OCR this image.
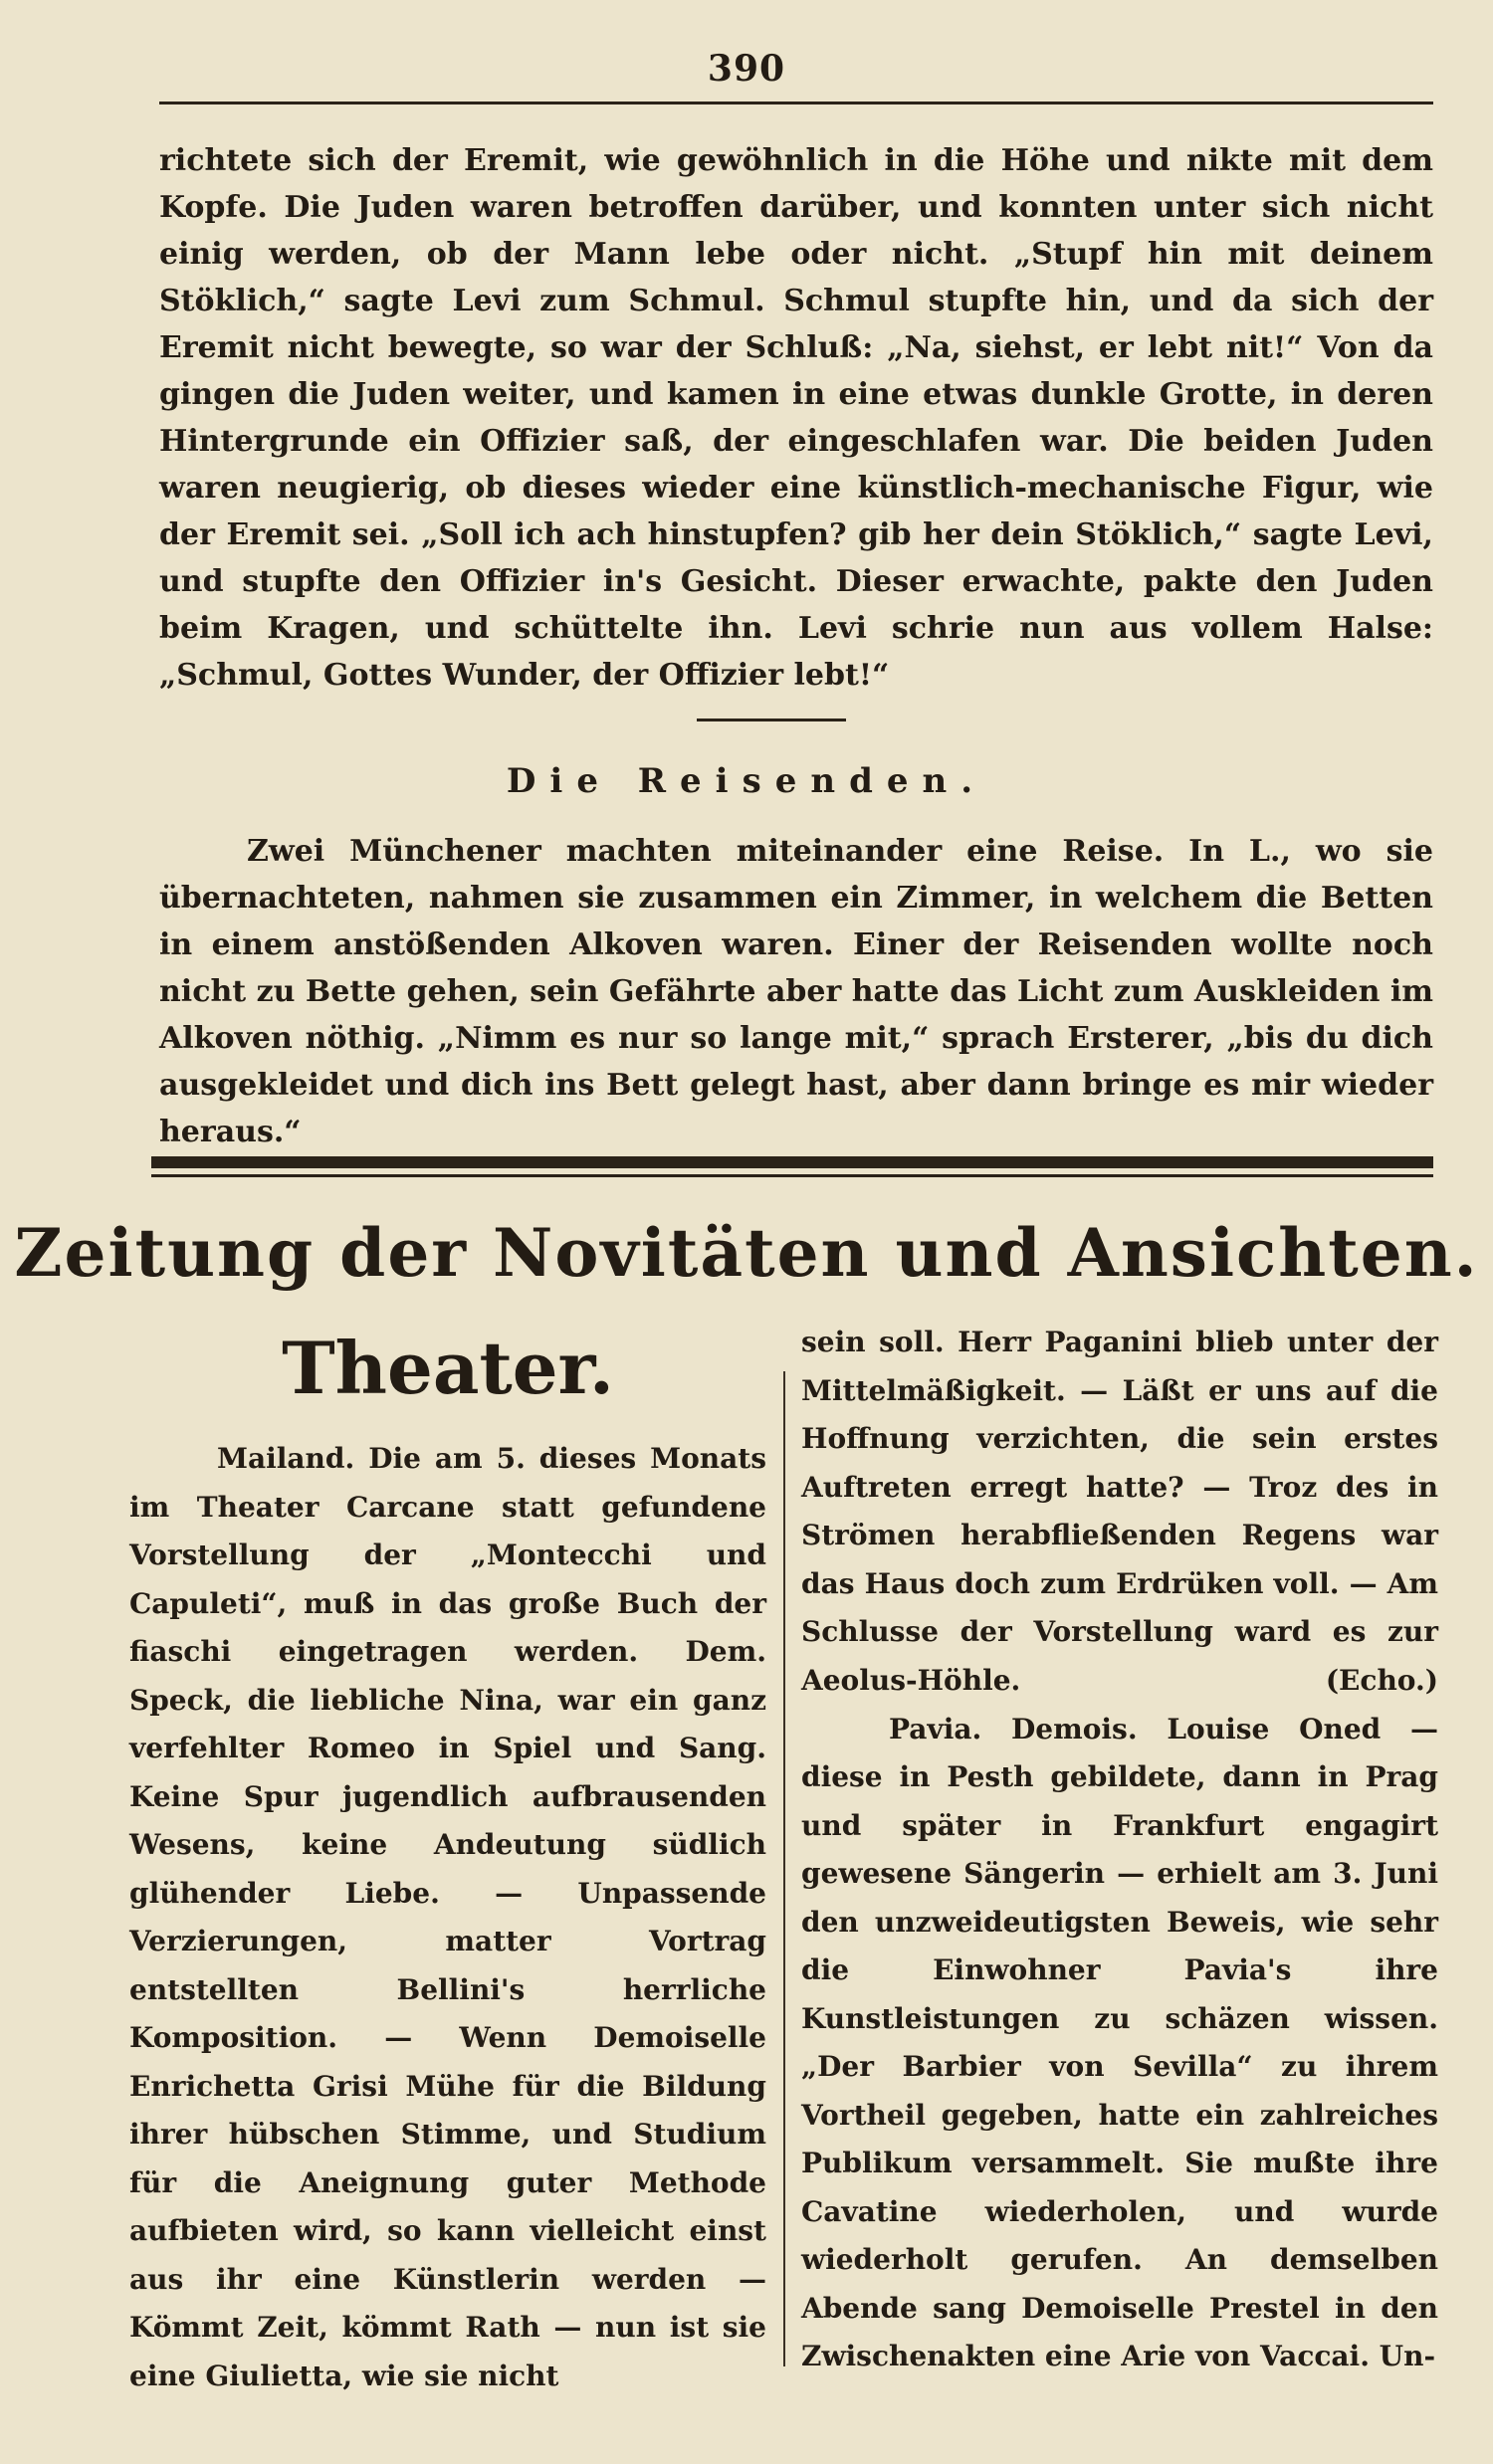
390

richtete sich der Eremit, wie gewöhnlich in die Höhe und nikte mit dem Kopfe. Die Juden waren betroffen darüber, und konnten unter sich nicht einig werden, ob der Mann lebe oder nicht. „Stupf hin mit deinem Stöklich,“ sagte Levi zum Schmul. Schmul stupfte hin, und da sich der Eremit nicht bewegte, so war der Schluß: „Na, siehst, er lebt nit!“ Von da gingen die Juden weiter, und kamen in eine etwas dunkle Grotte, in deren Hintergrunde ein Offizier saß, der eingeschlafen war. Die beiden Juden waren neugierig, ob dieses wieder eine künstlich-mechanische Figur, wie der Eremit sei. „Soll ich ach hinstupfen? gib her dein Stöklich,“ sagte Levi, und stupfte den Offizier in's Gesicht. Dieser erwachte, pakte den Juden beim Kragen, und schüttelte ihn. Levi schrie nun aus vollem Halse: „Schmul, Gottes Wunder, der Offizier lebt!“

Die Reisenden.

Zwei Münchener machten miteinander eine Reise. In L., wo sie übernachteten, nahmen sie zusammen ein Zimmer, in welchem die Betten in einem anstößenden Alkoven waren. Einer der Reisenden wollte noch nicht zu Bette gehen, sein Gefährte aber hatte das Licht zum Auskleiden im Alkoven nöthig. „Nimm es nur so lange mit,“ sprach Ersterer, „bis du dich ausgekleidet und dich ins Bett gelegt hast, aber dann bringe es mir wieder heraus.“

Zeitung der Novitäten und Ansichten.
Theater.

Mailand. Die am 5. dieses Monats im Theater Carcane statt gefundene Vorstellung der „Montecchi und Capuleti“, muß in das große Buch der fiaschi eingetragen werden. Dem. Speck, die liebliche Nina, war ein ganz verfehlter Romeo in Spiel und Sang. Keine Spur jugendlich aufbrausenden Wesens, keine Andeutung südlich glühender Liebe. — Unpassende Verzierungen, matter Vortrag entstellten Bellini's herrliche Komposition. — Wenn Demoiselle Enrichetta Grisi Mühe für die Bildung ihrer hübschen Stimme, und Studium für die Aneignung guter Methode aufbieten wird, so kann vielleicht einst aus ihr eine Künstlerin werden — Kömmt Zeit, kömmt Rath — nun ist sie eine Giulietta, wie sie nicht

sein soll. Herr Paganini blieb unter der Mittelmäßigkeit. — Läßt er uns auf die Hoffnung verzichten, die sein erstes Auftreten erregt hatte? — Troz des in Strömen herabfließenden Regens war das Haus doch zum Erdrüken voll. — Am Schlusse der Vorstellung ward es zur Aeolus-Höhle.	(Echo.)

Pavia. Demois. Louise Oned — diese in Pesth gebildete, dann in Prag und später in Frankfurt engagirt gewesene Sängerin — erhielt am 3. Juni den unzweideutigsten Beweis, wie sehr die Einwohner Pavia's ihre Kunstleistungen zu schäzen wissen. „Der Barbier von Sevilla“ zu ihrem Vortheil gegeben, hatte ein zahlreiches Publikum versammelt. Sie mußte ihre Cavatine wiederholen, und wurde wiederholt gerufen. An demselben Abende sang Demoiselle Prestel in den Zwischenakten eine Arie von Vaccai. Un-
